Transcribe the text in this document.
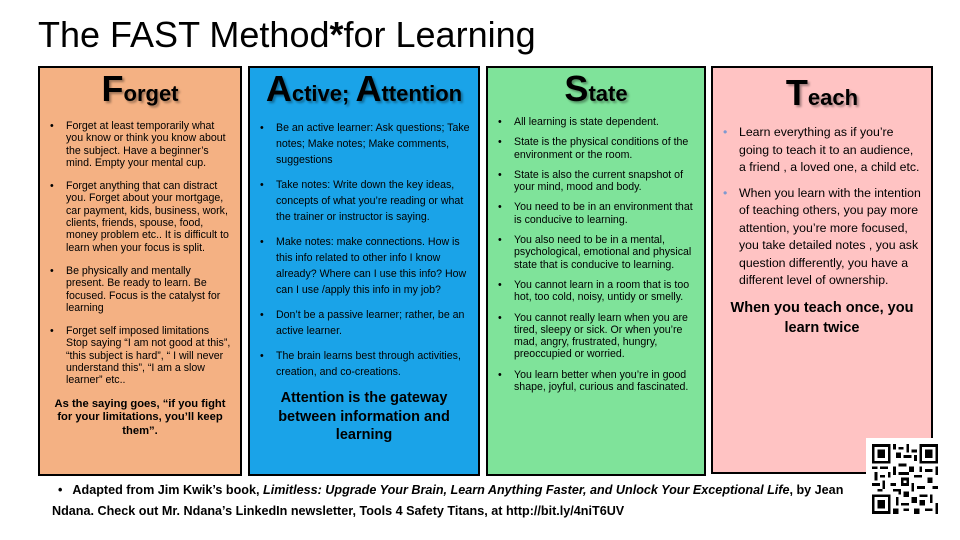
The FAST Method*for Learning
Forget
• Forget at least temporarily what you know or think you know about the subject. Have a beginner’s mind. Empty your mental cup.
• Forget anything that can distract you. Forget about your mortgage, car payment, kids, business, work, clients, friends, spouse, food, money problem etc.. It is difficult to learn when your focus is split.
• Be physically and mentally present. Be ready to learn. Be focused. Focus is the catalyst for learning
• Forget self imposed limitations Stop saying “I am not good at this”, “this subject is hard”, “ I will never understand this”, “I am a slow learner” etc..
As the saying goes, “if you fight for your limitations, you’ll keep them”.
Active; Attention
• Be an active learner: Ask questions; Take notes; Make notes; Make comments, suggestions
• Take notes: Write down the key ideas, concepts of what you’re reading or what the trainer or instructor is saying.
• Make notes: make connections. How is this info related to other info I know already? Where can I use this info? How can I use /apply this info in my job?
• Don’t be a passive learner; rather, be an active learner.
• The brain learns best through activities, creation, and co-creations.
Attention is the gateway between information and learning
State
• All learning is state dependent.
• State is the physical conditions of the environment or the room.
• State is also the current snapshot of your mind, mood and body.
• You need to be in an environment that is conducive to learning.
• You also need to be in a mental, psychological, emotional and physical state that is conducive to learning.
• You cannot learn in a room that is too hot, too cold, noisy, untidy or smelly.
• You cannot really learn when you are tired, sleepy or sick. Or when you’re mad, angry, frustrated, hungry, preoccupied or worried.
• You learn better when you’re in good shape, joyful, curious and fascinated.
Teach
• Learn everything as if you’re going to teach it to an audience, a friend , a loved one, a child etc.
• When you learn with the intention of teaching others, you pay more attention, you’re more focused, you take detailed notes , you ask question differently, you have a different level of ownership.
When you teach once, you learn twice
• Adapted from Jim Kwik’s book, Limitless: Upgrade Your Brain, Learn Anything Faster, and Unlock Your Exceptional Life, by Jean Ndana. Check out Mr. Ndana’s LinkedIn newsletter, Tools 4 Safety Titans, at http://bit.ly/4niT6UV
